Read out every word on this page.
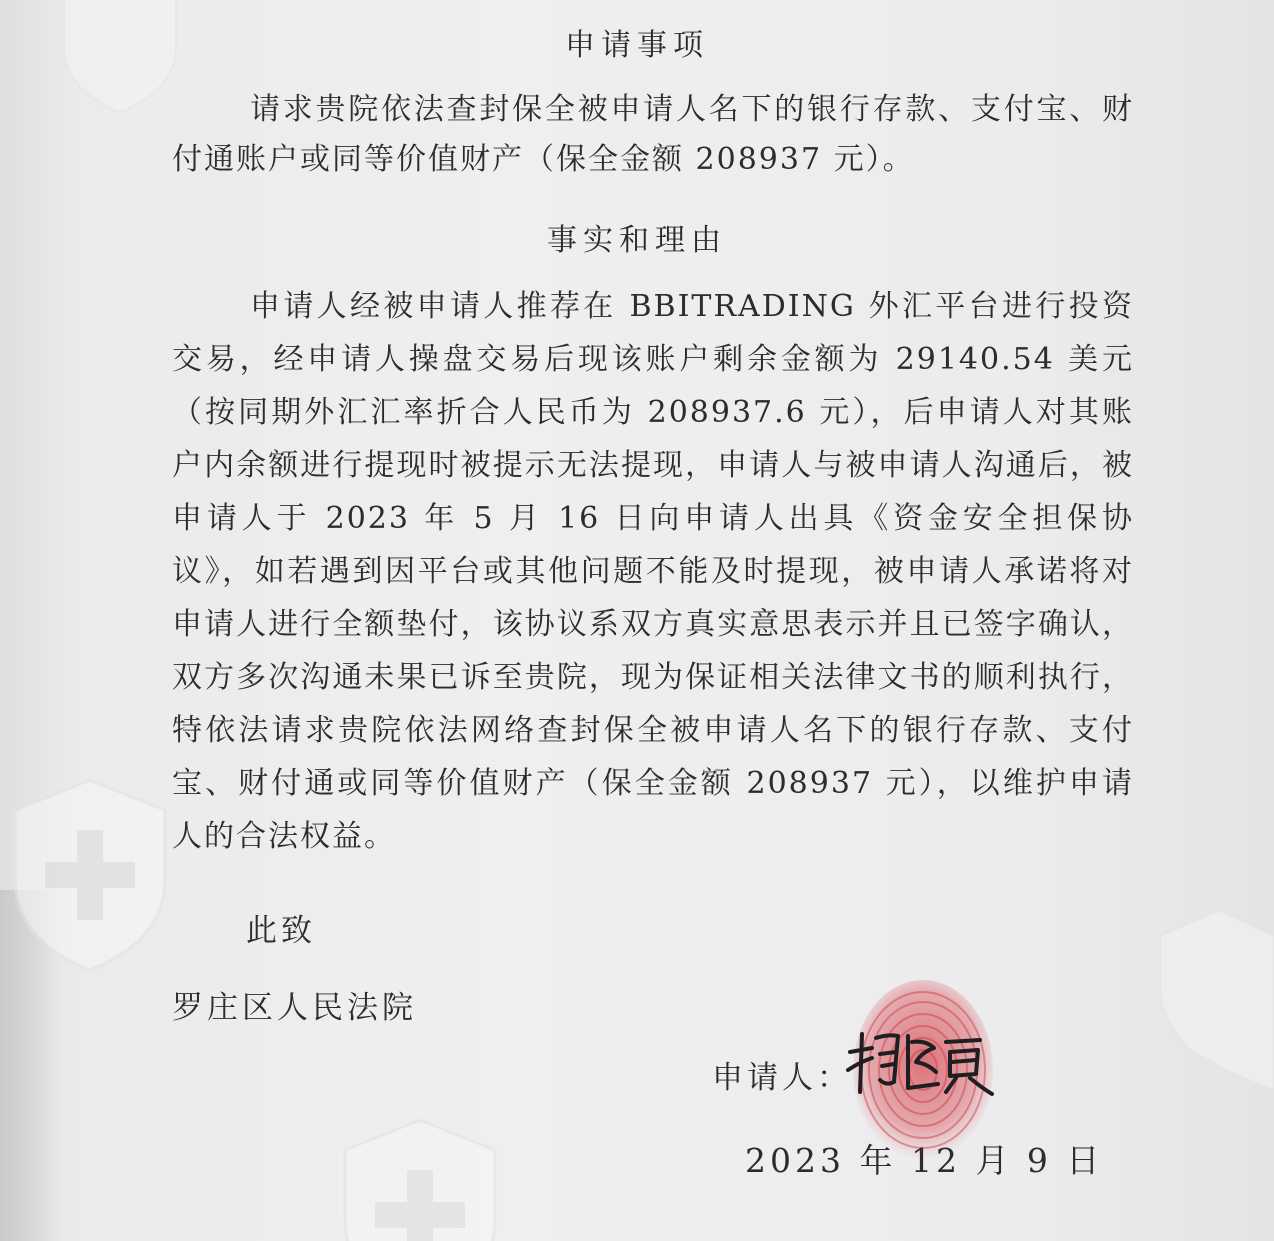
申请事项
请求贵院依法查封保全被申请人名下的银行存款、支付宝、财付通账户或同等价值财产（保全金额 208937 元）。
事实和理由
申请人经被申请人推荐在 BBITRADING 外汇平台进行投资交易，经申请人操盘交易后现该账户剩余金额为 29140.54 美元（按同期外汇汇率折合人民币为 208937.6 元），后申请人对其账户内余额进行提现时被提示无法提现，申请人与被申请人沟通后，被申请人于 2023 年 5 月 16 日向申请人出具《资金安全担保协议》，如若遇到因平台或其他问题不能及时提现，被申请人承诺将对申请人进行全额垫付，该协议系双方真实意思表示并且已签字确认，双方多次沟通未果已诉至贵院，现为保证相关法律文书的顺利执行，特依法请求贵院依法网络查封保全被申请人名下的银行存款、支付宝、财付通或同等价值财产（保全金额 208937 元），以维护申请人的合法权益。
此致
罗庄区人民法院
申请人：
2023 年 12 月 9 日
